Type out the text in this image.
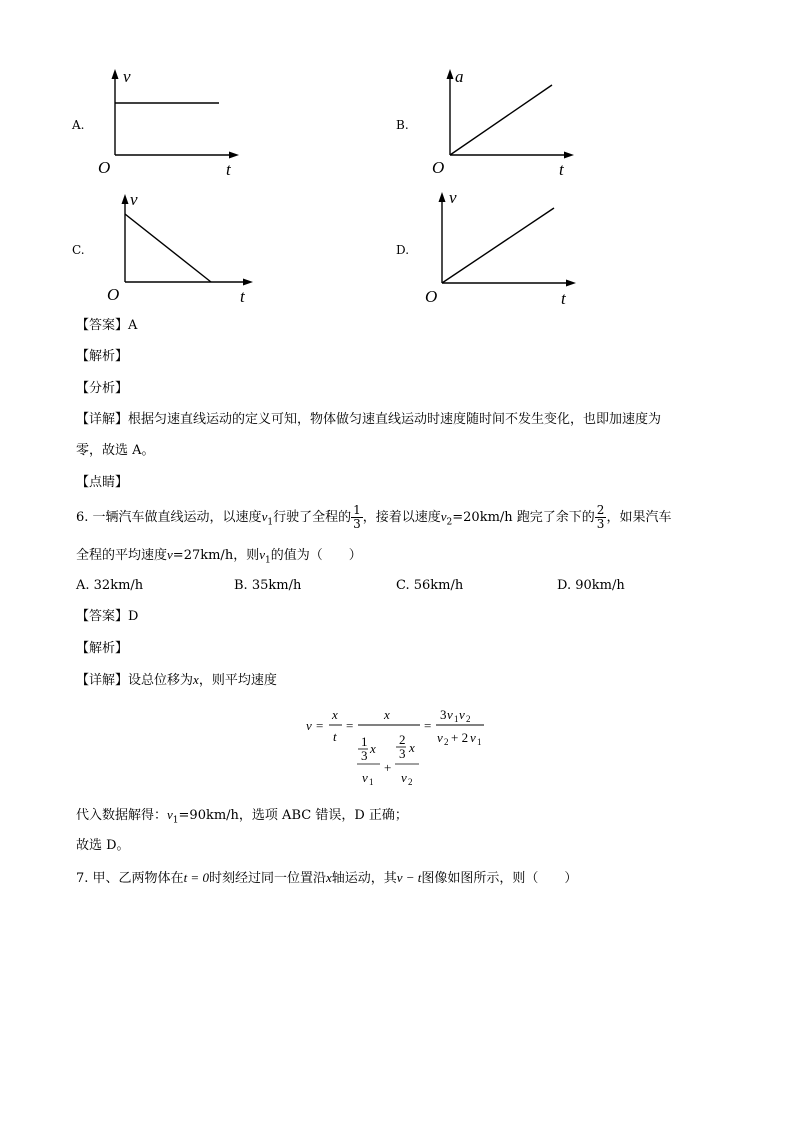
A.
v
O	t
B.
a
O	t
C.
v
O	t
D.
v
O	t
【答案】A
【解析】
【分析】
【详解】根据匀速直线运动的定义可知，物体做匀速直线运动时速度随时间不发生变化，也即加速度为
零，故选 A。
【点睛】
6. 一辆汽车做直线运动，以速度$v_1$行驶了全程的 $\frac{1}{3}$ ，接着以速度$v_2=20km/h$ 跑完了余下的 $\frac{2}{3}$ ，如果汽车
全程的平均速度v=27km/h，则$v_1$的值为（　　）
A. 32km/h	B. 35km/h	C. 56km/h	D. 90km/h
【答案】D
【解析】
【详解】设总位移为x，则平均速度
v =
x
t
=
x
1
3 x
v 1
+
2
3 x
v 2
=
3 v 1 v 2
v 2 + 2 v 1
代入数据解得：$v_1=90km/h$，选项 ABC 错误，D 正确；
故选 D。
7. 甲、乙两物体在t = 0时刻经过同一位置沿x轴运动，其v − t图像如图所示，则（　　）
